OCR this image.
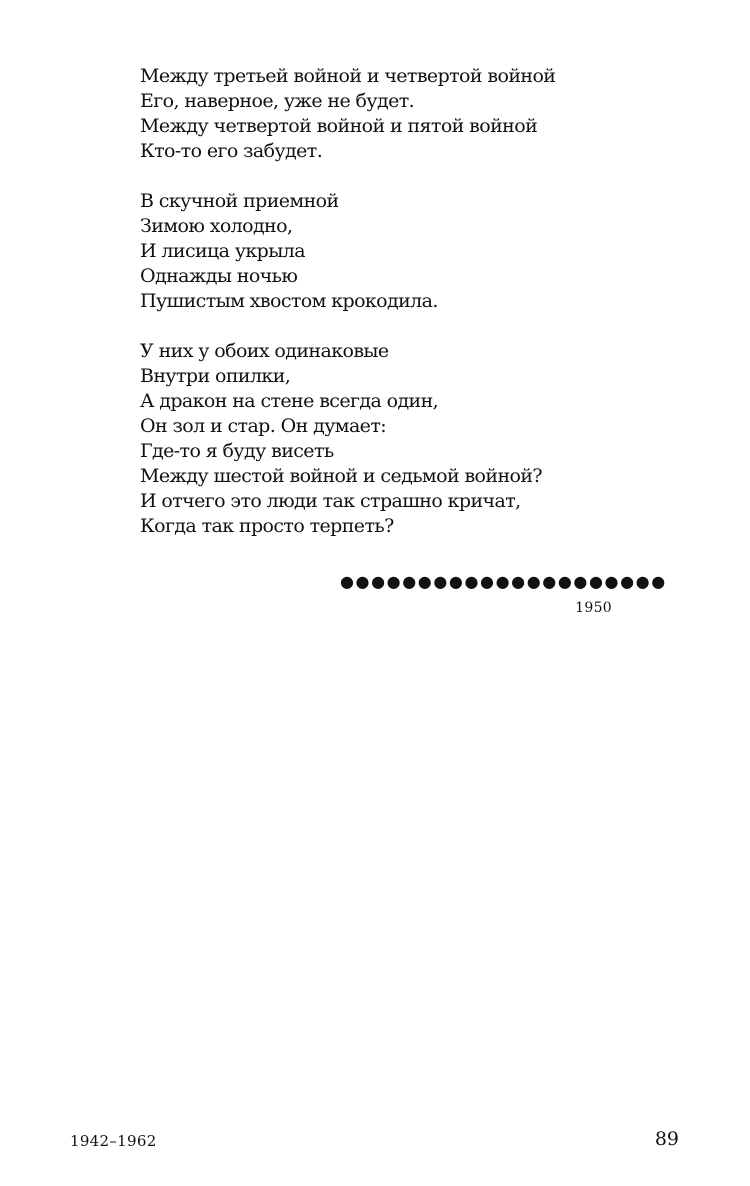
Между третьей войной и четвертой войной
Его, наверное, уже не будет.
Между четвертой войной и пятой войной
Кто-то его забудет.
В скучной приемной
Зимою холодно,
И лисица укрыла
Однажды ночью
Пушистым хвостом крокодила.
У них у обоих одинаковые
Внутри опилки,
А дракон на стене всегда один,
Он зол и стар. Он думает:
Где-то я буду висеть
Между шестой войной и седьмой войной?
И отчего это люди так страшно кричат,
Когда так просто терпеть?
●●●●●●●●●●●●●●●●●●●●●
1950
1942–1962	89
